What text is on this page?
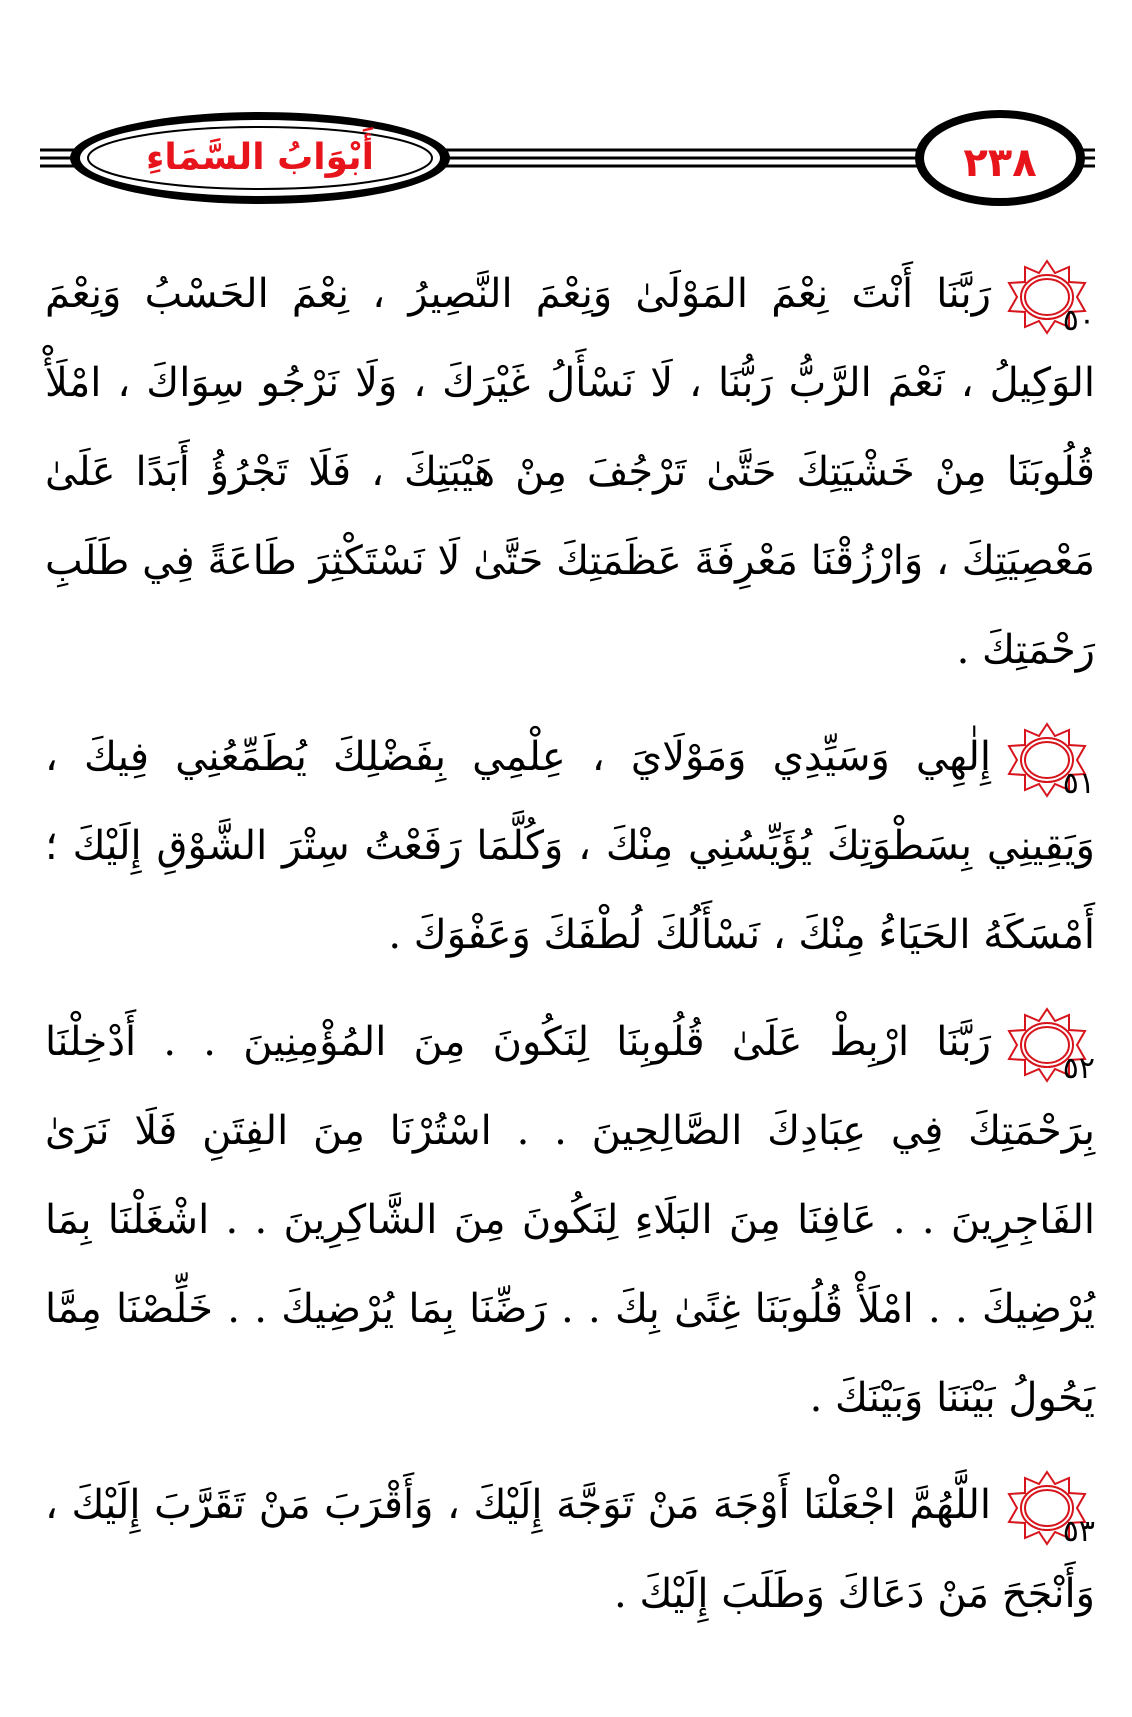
أَبْوَابُ السَّمَاءِ	٢٣٨

٥٠
رَبَّنَا أَنْتَ نِعْمَ المَوْلَىٰ وَنِعْمَ النَّصِيرُ ، نِعْمَ الحَسْبُ وَنِعْمَ الوَكِيلُ ، نَعْمَ الرَّبُّ رَبُّنَا ، لَا نَسْأَلُ غَيْرَكَ ، وَلَا نَرْجُو سِوَاكَ ، امْلَأْ قُلُوبَنَا مِنْ خَشْيَتِكَ حَتَّىٰ تَرْجُفَ مِنْ هَيْبَتِكَ ، فَلَا تَجْرُؤُ أَبَدًا عَلَىٰ مَعْصِيَتِكَ ، وَارْزُقْنَا مَعْرِفَةَ عَظَمَتِكَ حَتَّىٰ لَا نَسْتَكْثِرَ طَاعَةً فِي طَلَبِ رَحْمَتِكَ .

٥١
إِلٰهِي وَسَيِّدِي وَمَوْلَايَ ، عِلْمِي بِفَضْلِكَ يُطَمِّعُنِي فِيكَ ، وَيَقِينِي بِسَطْوَتِكَ يُؤَيِّسُنِي مِنْكَ ، وَكُلَّمَا رَفَعْتُ سِتْرَ الشَّوْقِ إِلَيْكَ ؛ أَمْسَكَهُ الحَيَاءُ مِنْكَ ، نَسْأَلُكَ لُطْفَكَ وَعَفْوَكَ .

٥٢
رَبَّنَا ارْبِطْ عَلَىٰ قُلُوبِنَا لِنَكُونَ مِنَ المُؤْمِنِينَ . . أَدْخِلْنَا بِرَحْمَتِكَ فِي عِبَادِكَ الصَّالِحِينَ . . اسْتُرْنَا مِنَ الفِتَنِ فَلَا نَرَىٰ الفَاجِرِينَ . . عَافِنَا مِنَ البَلَاءِ لِنَكُونَ مِنَ الشَّاكِرِينَ . . اشْغَلْنَا بِمَا يُرْضِيكَ . . امْلَأْ قُلُوبَنَا غِنًىٰ بِكَ . . رَضِّنَا بِمَا يُرْضِيكَ . . خَلِّصْنَا مِمَّا يَحُولُ بَيْنَنَا وَبَيْنَكَ .

٥٣
اللَّهُمَّ اجْعَلْنَا أَوْجَهَ مَنْ تَوَجَّهَ إِلَيْكَ ، وَأَقْرَبَ مَنْ تَقَرَّبَ إِلَيْكَ ، وَأَنْجَحَ مَنْ دَعَاكَ وَطَلَبَ إِلَيْكَ .
